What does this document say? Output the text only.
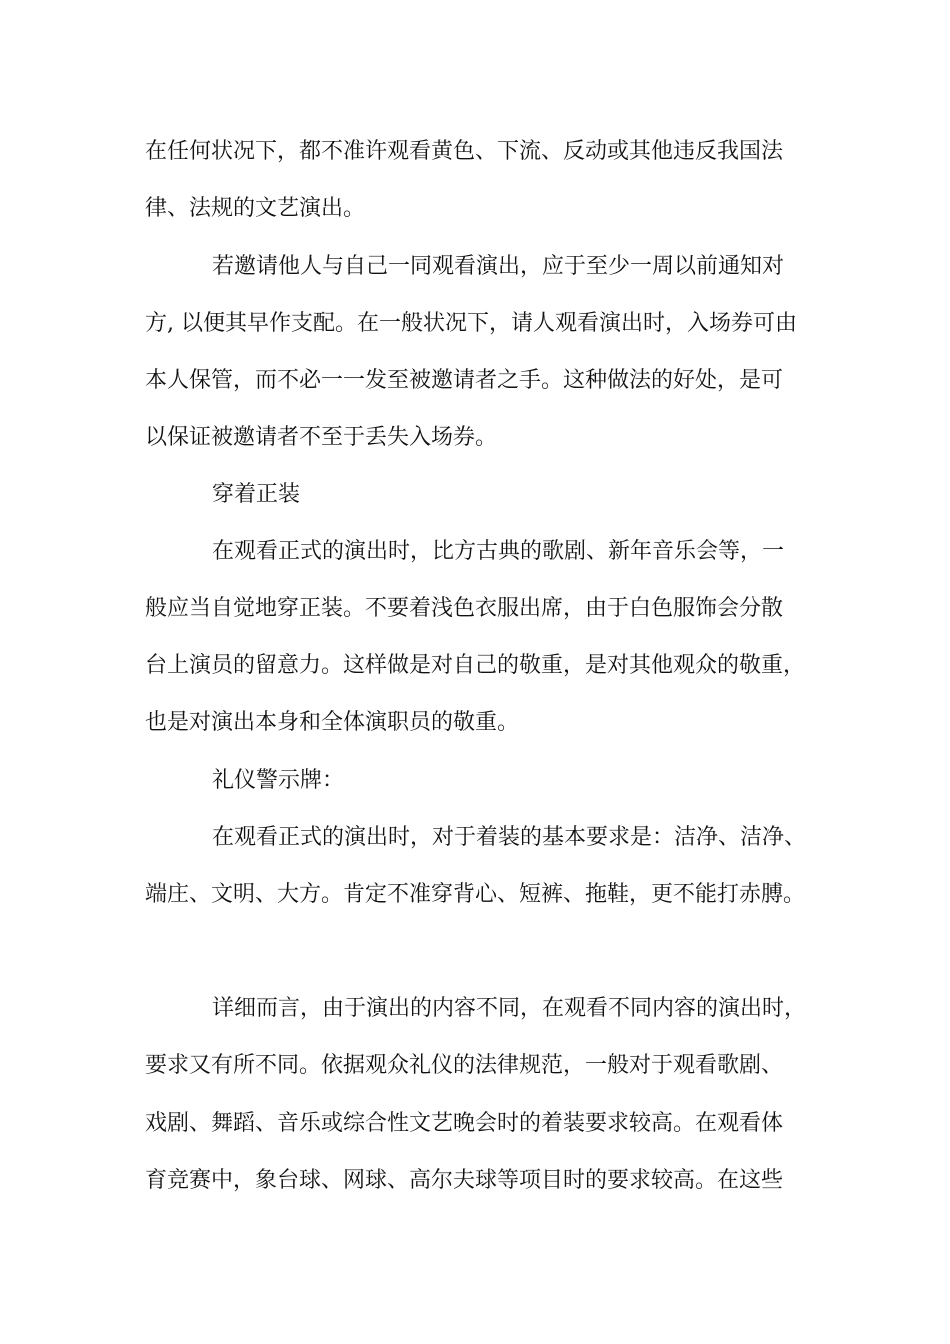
在任何状况下，都不准许观看黄色、下流、反动或其他违反我国法
律、法规的文艺演出。
若邀请他人与自己一同观看演出，应于至少一周以前通知对
方, 以便其早作支配。在一般状况下，请人观看演出时，入场券可由
本人保管，而不必一一发至被邀请者之手。这种做法的好处，是可
以保证被邀请者不至于丢失入场券。
穿着正装
在观看正式的演出时，比方古典的歌剧、新年音乐会等，一
般应当自觉地穿正装。不要着浅色衣服出席，由于白色服饰会分散
台上演员的留意力。这样做是对自己的敬重，是对其他观众的敬重，
也是对演出本身和全体演职员的敬重。
礼仪警示牌：
在观看正式的演出时，对于着装的基本要求是：洁净、洁净、
端庄、文明、大方。肯定不准穿背心、短裤、拖鞋，更不能打赤膊。
详细而言，由于演出的内容不同，在观看不同内容的演出时，
要求又有所不同。依据观众礼仪的法律规范，一般对于观看歌剧、
戏剧、舞蹈、音乐或综合性文艺晚会时的着装要求较高。在观看体
育竞赛中，象台球、网球、高尔夫球等项目时的要求较高。在这些
